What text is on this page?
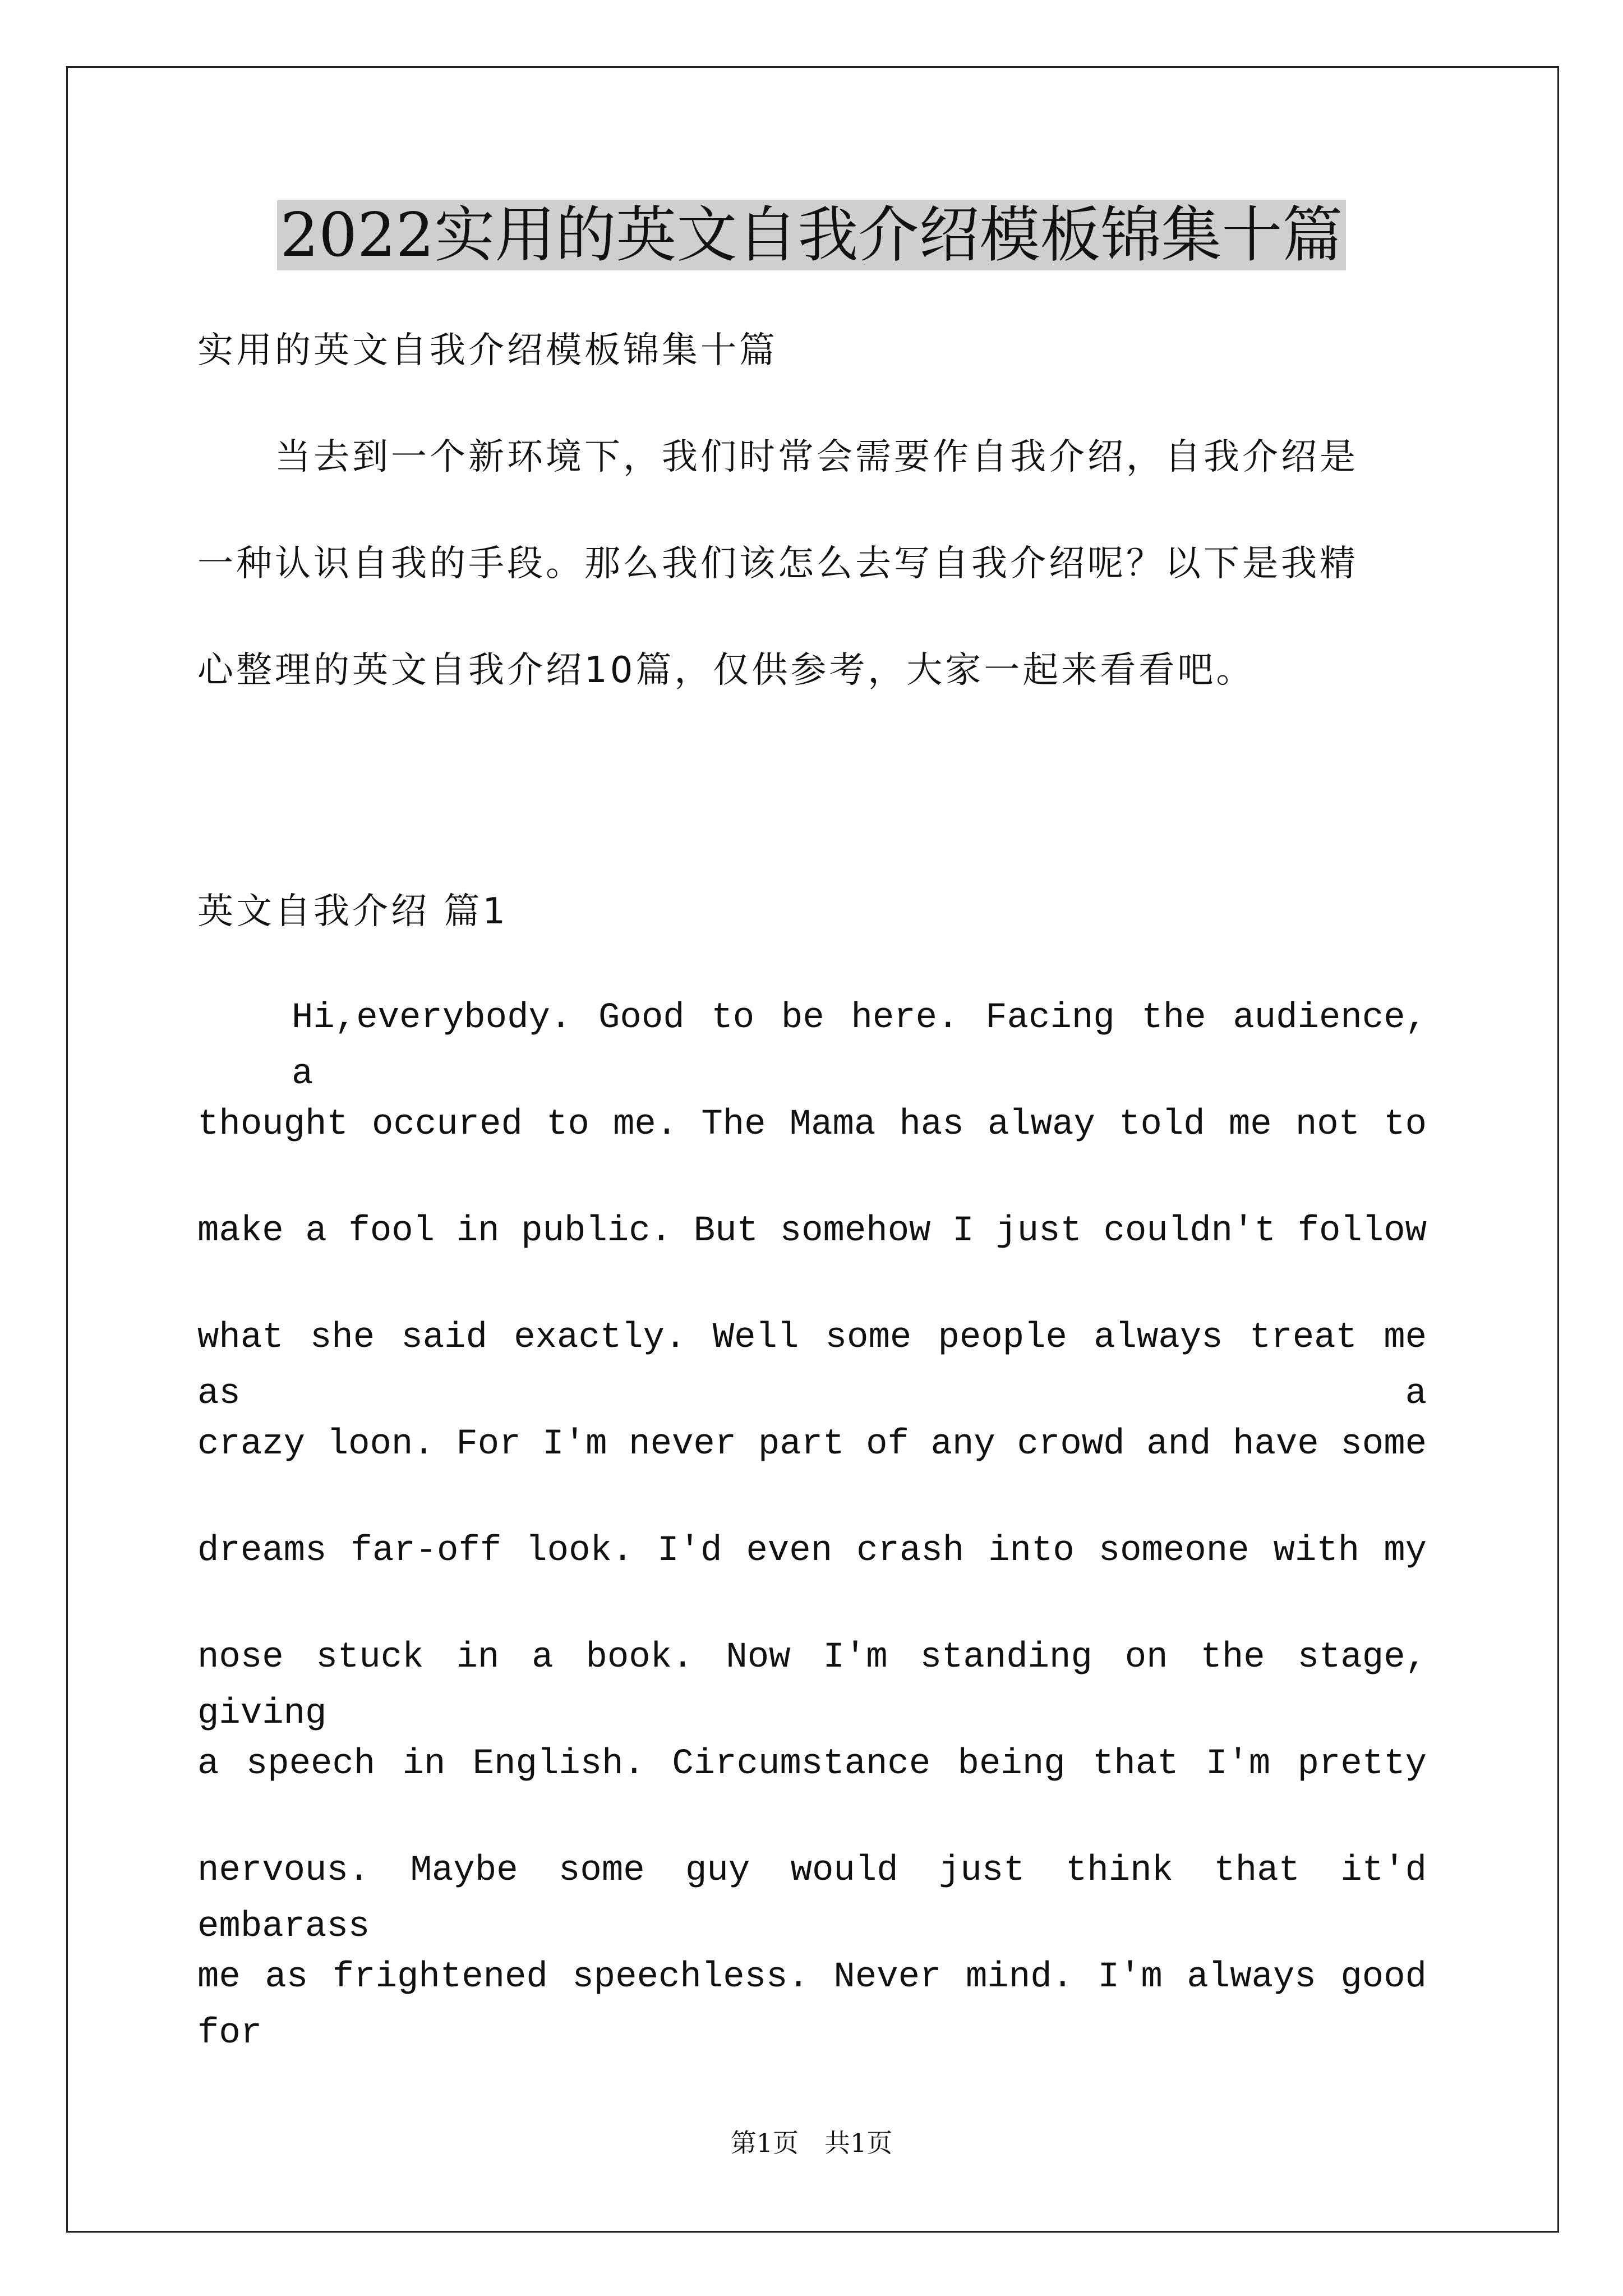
2022实用的英文自我介绍模板锦集十篇

实用的英文自我介绍模板锦集十篇

　　当去到一个新环境下，我们时常会需要作自我介绍，自我介绍是

一种认识自我的手段。那么我们该怎么去写自我介绍呢？以下是我精

心整理的英文自我介绍10篇，仅供参考，大家一起来看看吧。

英文自我介绍 篇1

Hi,everybody. Good to be here. Facing the audience, a

thought occured to me. The Mama has alway told me not to

make a fool in public. But somehow I just couldn't follow

what she said exactly. Well some people always treat me as a

crazy loon. For I'm never part of any crowd and have some

dreams far-off look. I'd even crash into someone with my

nose stuck in a book. Now I'm standing on the stage, giving

a speech in English. Circumstance being that I'm pretty

nervous. Maybe some guy would just think that it'd embarass

me as frightened speechless. Never mind. I'm always good for

第1页　共1页
